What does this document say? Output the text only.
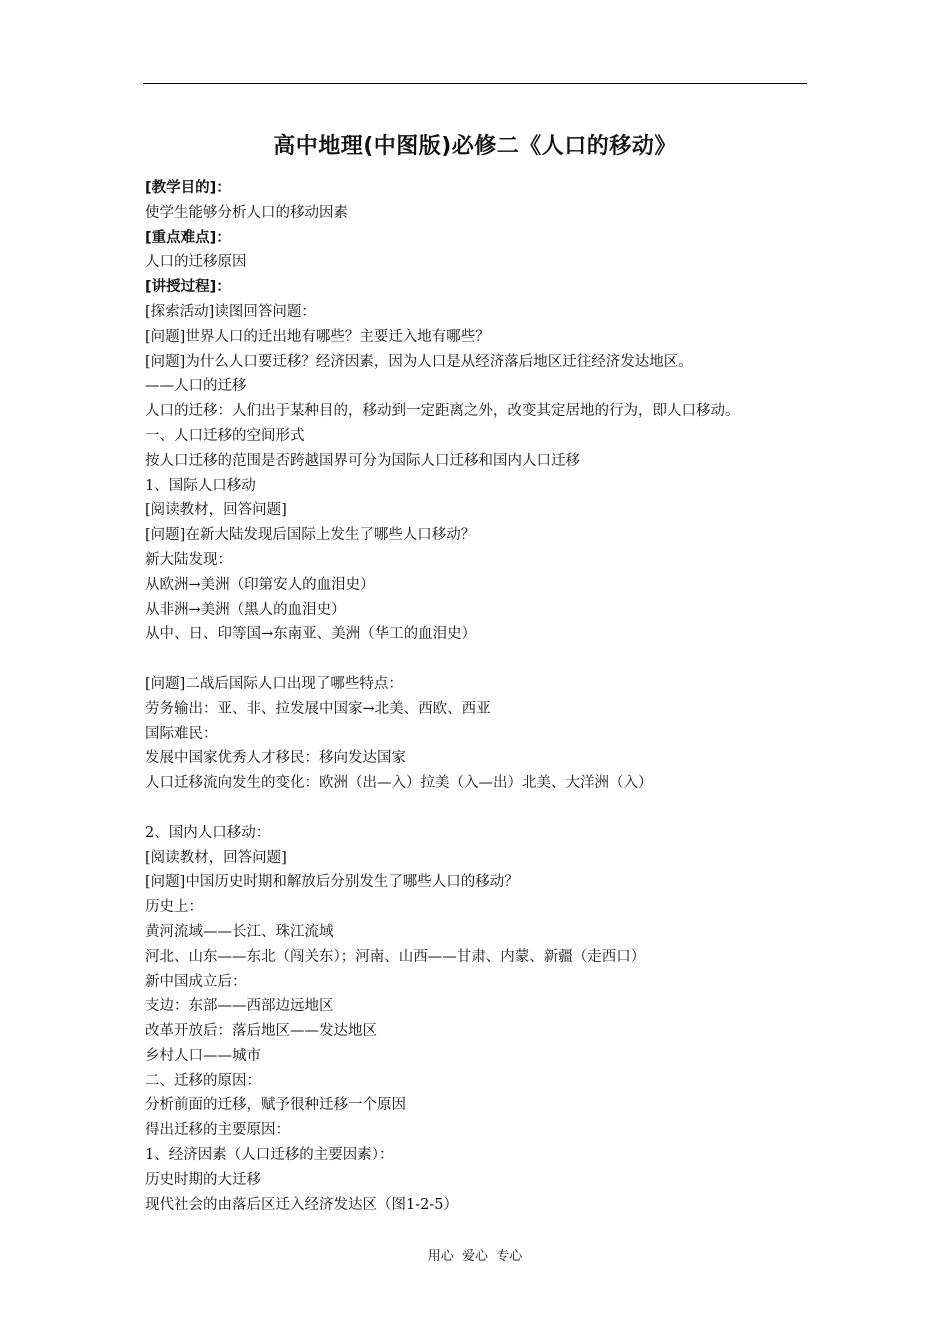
高中地理(中图版)必修二《人口的移动》
[教学目的]：
使学生能够分析人口的移动因素
[重点难点]：
人口的迁移原因
[讲授过程]：
[探索活动]读图回答问题：
[问题]世界人口的迁出地有哪些？主要迁入地有哪些？
[问题]为什么人口要迁移？经济因素，因为人口是从经济落后地区迁往经济发达地区。
——人口的迁移
人口的迁移：人们出于某种目的，移动到一定距离之外，改变其定居地的行为，即人口移动。
一、人口迁移的空间形式
按人口迁移的范围是否跨越国界可分为国际人口迁移和国内人口迁移
1、国际人口移动
[阅读教材，回答问题]
[问题]在新大陆发现后国际上发生了哪些人口移动？
新大陆发现：
从欧洲→美洲（印第安人的血泪史）
从非洲→美洲（黑人的血泪史）
从中、日、印等国→东南亚、美洲（华工的血泪史）
[问题]二战后国际人口出现了哪些特点：
劳务输出：亚、非、拉发展中国家→北美、西欧、西亚
国际难民：
发展中国家优秀人才移民：移向发达国家
人口迁移流向发生的变化：欧洲（出—入）拉美（入—出）北美、大洋洲（入）
2、国内人口移动：
[阅读教材，回答问题]
[问题]中国历史时期和解放后分别发生了哪些人口的移动？
历史上：
黄河流域——长江、珠江流域
河北、山东——东北（闯关东）；河南、山西——甘肃、内蒙、新疆（走西口）
新中国成立后：
支边：东部——西部边远地区
改革开放后：落后地区——发达地区
乡村人口——城市
二、迁移的原因：
分析前面的迁移，赋予很种迁移一个原因
得出迁移的主要原因：
1、经济因素（人口迁移的主要因素）：
历史时期的大迁移
现代社会的由落后区迁入经济发达区（图1-2-5）
用心  爱心  专心
